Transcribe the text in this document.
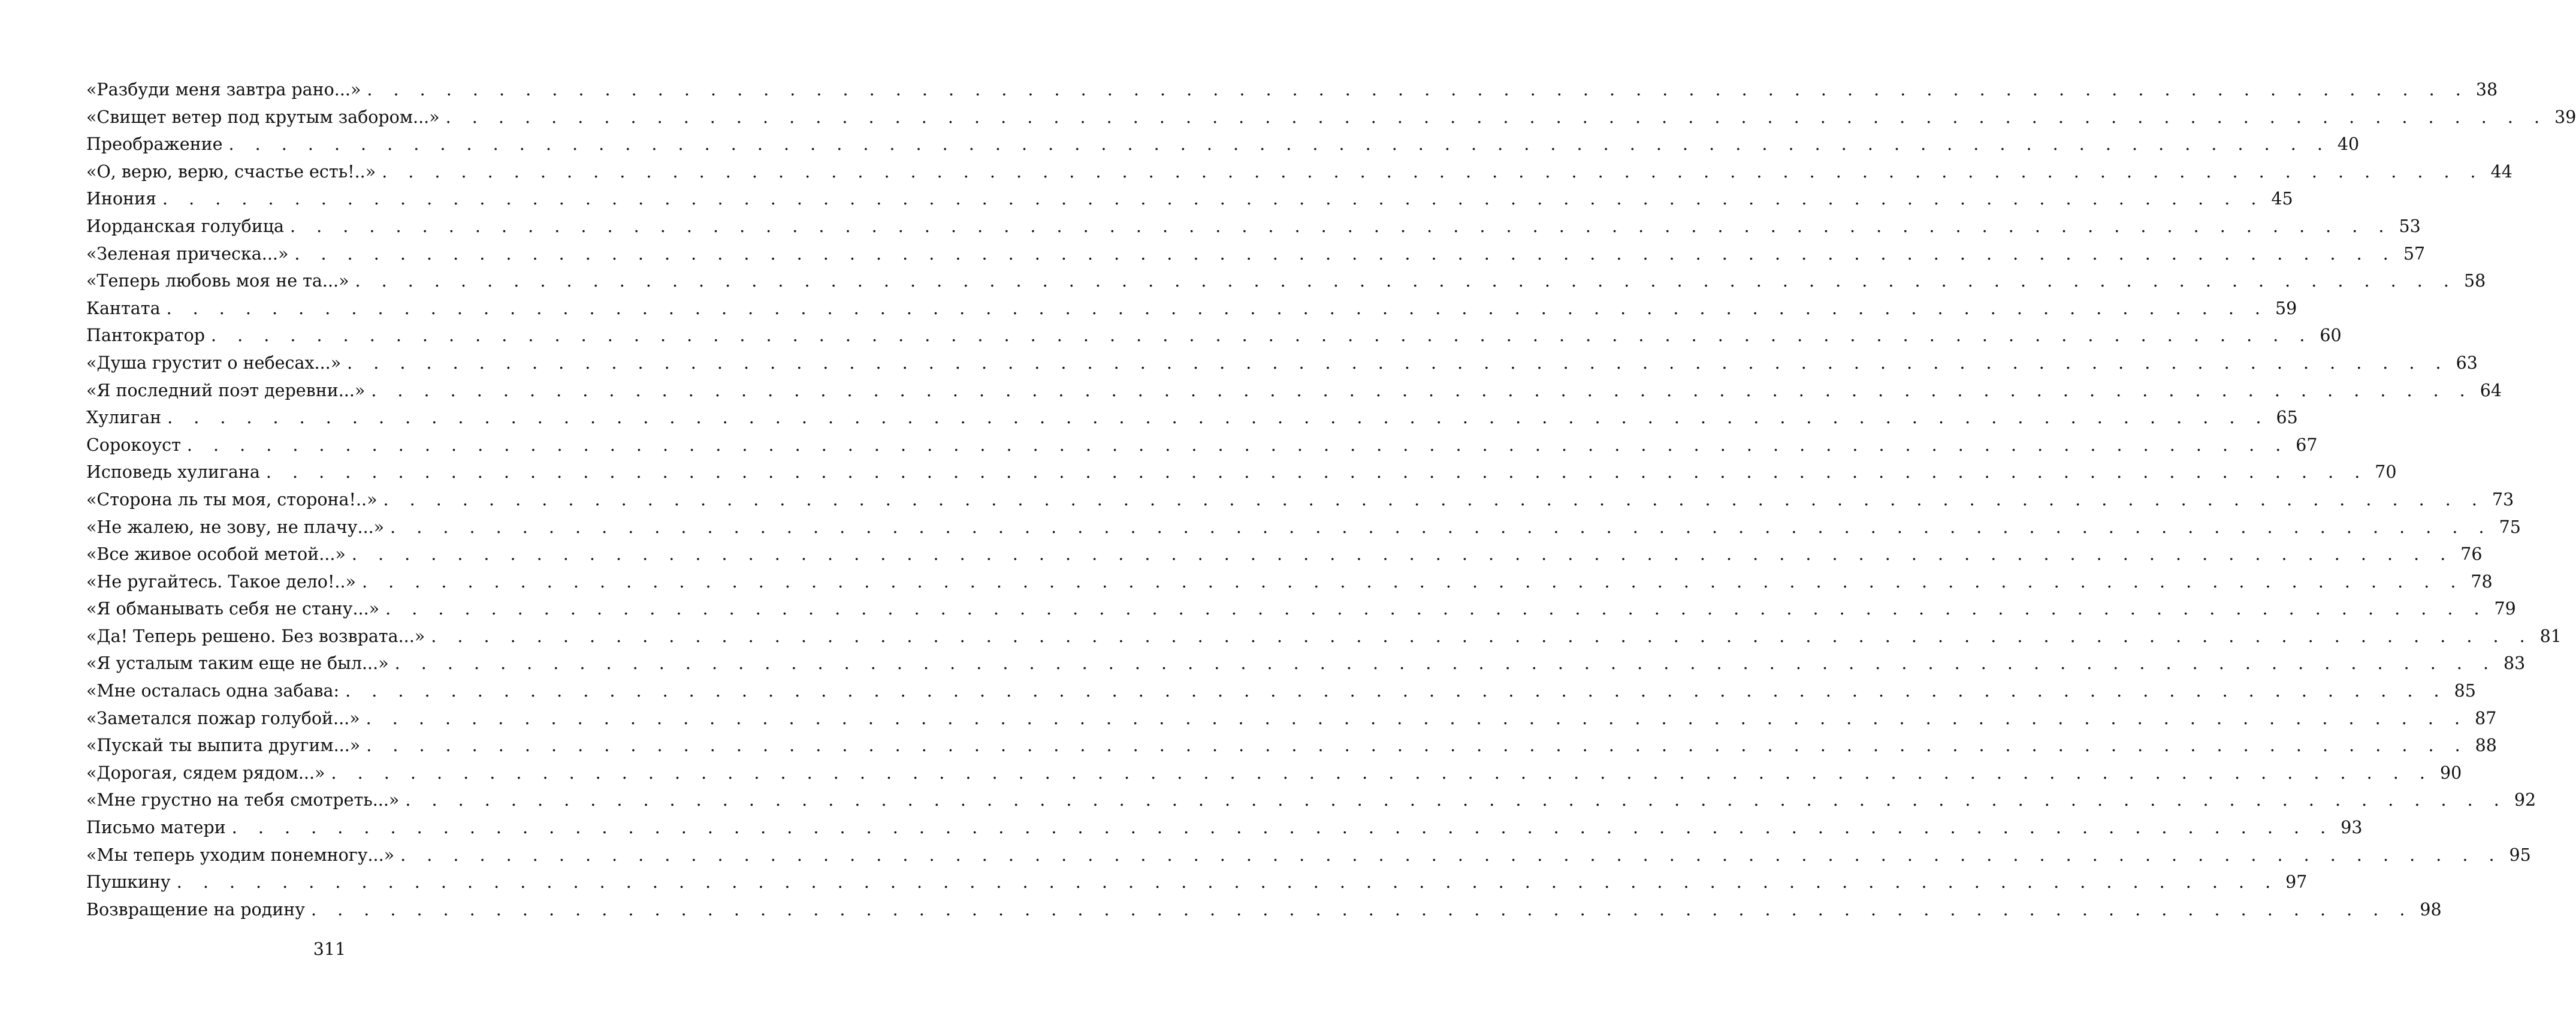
«Разбуди меня завтра рано...» . . . . . . . . . . . . . . . . . . . . . . . . . . . . . . . . . . . . . . . . . . . . . . . . . . . . . . . . . . . . . . . . . . . . . . . . . . . . . . . . 38
«Свищет ветер под крутым забором...» . . . . . . . . . . . . . . . . . . . . . . . . . . . . . . . . . . . . . . . . . . . . . . . . . . . . . . . . . . . . . . . . . . . . . . . . . . . . . . . . 39
Преображение . . . . . . . . . . . . . . . . . . . . . . . . . . . . . . . . . . . . . . . . . . . . . . . . . . . . . . . . . . . . . . . . . . . . . . . . . . . . . . . . 40
«О, верю, верю, счастье есть!..» . . . . . . . . . . . . . . . . . . . . . . . . . . . . . . . . . . . . . . . . . . . . . . . . . . . . . . . . . . . . . . . . . . . . . . . . . . . . . . . . 44
Инония . . . . . . . . . . . . . . . . . . . . . . . . . . . . . . . . . . . . . . . . . . . . . . . . . . . . . . . . . . . . . . . . . . . . . . . . . . . . . . . . 45
Иорданская голубица . . . . . . . . . . . . . . . . . . . . . . . . . . . . . . . . . . . . . . . . . . . . . . . . . . . . . . . . . . . . . . . . . . . . . . . . . . . . . . . . 53
«Зеленая прическа...» . . . . . . . . . . . . . . . . . . . . . . . . . . . . . . . . . . . . . . . . . . . . . . . . . . . . . . . . . . . . . . . . . . . . . . . . . . . . . . . . 57
«Теперь любовь моя не та...» . . . . . . . . . . . . . . . . . . . . . . . . . . . . . . . . . . . . . . . . . . . . . . . . . . . . . . . . . . . . . . . . . . . . . . . . . . . . . . . . 58
Кантата . . . . . . . . . . . . . . . . . . . . . . . . . . . . . . . . . . . . . . . . . . . . . . . . . . . . . . . . . . . . . . . . . . . . . . . . . . . . . . . . 59
Пантократор . . . . . . . . . . . . . . . . . . . . . . . . . . . . . . . . . . . . . . . . . . . . . . . . . . . . . . . . . . . . . . . . . . . . . . . . . . . . . . . . 60
«Душа грустит о небесах...» . . . . . . . . . . . . . . . . . . . . . . . . . . . . . . . . . . . . . . . . . . . . . . . . . . . . . . . . . . . . . . . . . . . . . . . . . . . . . . . . 63
«Я последний поэт деревни...» . . . . . . . . . . . . . . . . . . . . . . . . . . . . . . . . . . . . . . . . . . . . . . . . . . . . . . . . . . . . . . . . . . . . . . . . . . . . . . . . 64
Хулиган . . . . . . . . . . . . . . . . . . . . . . . . . . . . . . . . . . . . . . . . . . . . . . . . . . . . . . . . . . . . . . . . . . . . . . . . . . . . . . . . 65
Сорокоуст . . . . . . . . . . . . . . . . . . . . . . . . . . . . . . . . . . . . . . . . . . . . . . . . . . . . . . . . . . . . . . . . . . . . . . . . . . . . . . . . 67
Исповедь хулигана . . . . . . . . . . . . . . . . . . . . . . . . . . . . . . . . . . . . . . . . . . . . . . . . . . . . . . . . . . . . . . . . . . . . . . . . . . . . . . . . 70
«Сторона ль ты моя, сторона!..» . . . . . . . . . . . . . . . . . . . . . . . . . . . . . . . . . . . . . . . . . . . . . . . . . . . . . . . . . . . . . . . . . . . . . . . . . . . . . . . . 73
«Не жалею, не зову, не плачу...» . . . . . . . . . . . . . . . . . . . . . . . . . . . . . . . . . . . . . . . . . . . . . . . . . . . . . . . . . . . . . . . . . . . . . . . . . . . . . . . . 75
«Все живое особой метой...» . . . . . . . . . . . . . . . . . . . . . . . . . . . . . . . . . . . . . . . . . . . . . . . . . . . . . . . . . . . . . . . . . . . . . . . . . . . . . . . . 76
«Не ругайтесь. Такое дело!..» . . . . . . . . . . . . . . . . . . . . . . . . . . . . . . . . . . . . . . . . . . . . . . . . . . . . . . . . . . . . . . . . . . . . . . . . . . . . . . . . 78
«Я обманывать себя не стану...» . . . . . . . . . . . . . . . . . . . . . . . . . . . . . . . . . . . . . . . . . . . . . . . . . . . . . . . . . . . . . . . . . . . . . . . . . . . . . . . . 79
«Да! Теперь решено. Без возврата...» . . . . . . . . . . . . . . . . . . . . . . . . . . . . . . . . . . . . . . . . . . . . . . . . . . . . . . . . . . . . . . . . . . . . . . . . . . . . . . . . 81
«Я усталым таким еще не был...» . . . . . . . . . . . . . . . . . . . . . . . . . . . . . . . . . . . . . . . . . . . . . . . . . . . . . . . . . . . . . . . . . . . . . . . . . . . . . . . . 83
«Мне осталась одна забава: . . . . . . . . . . . . . . . . . . . . . . . . . . . . . . . . . . . . . . . . . . . . . . . . . . . . . . . . . . . . . . . . . . . . . . . . . . . . . . . . 85
«Заметался пожар голубой...» . . . . . . . . . . . . . . . . . . . . . . . . . . . . . . . . . . . . . . . . . . . . . . . . . . . . . . . . . . . . . . . . . . . . . . . . . . . . . . . . 87
«Пускай ты выпита другим...» . . . . . . . . . . . . . . . . . . . . . . . . . . . . . . . . . . . . . . . . . . . . . . . . . . . . . . . . . . . . . . . . . . . . . . . . . . . . . . . . 88
«Дорогая, сядем рядом...» . . . . . . . . . . . . . . . . . . . . . . . . . . . . . . . . . . . . . . . . . . . . . . . . . . . . . . . . . . . . . . . . . . . . . . . . . . . . . . . . 90
«Мне грустно на тебя смотреть...» . . . . . . . . . . . . . . . . . . . . . . . . . . . . . . . . . . . . . . . . . . . . . . . . . . . . . . . . . . . . . . . . . . . . . . . . . . . . . . . . 92
Письмо матери . . . . . . . . . . . . . . . . . . . . . . . . . . . . . . . . . . . . . . . . . . . . . . . . . . . . . . . . . . . . . . . . . . . . . . . . . . . . . . . . 93
«Мы теперь уходим понемногу...» . . . . . . . . . . . . . . . . . . . . . . . . . . . . . . . . . . . . . . . . . . . . . . . . . . . . . . . . . . . . . . . . . . . . . . . . . . . . . . . . 95
Пушкину . . . . . . . . . . . . . . . . . . . . . . . . . . . . . . . . . . . . . . . . . . . . . . . . . . . . . . . . . . . . . . . . . . . . . . . . . . . . . . . . 97
Возвращение на родину . . . . . . . . . . . . . . . . . . . . . . . . . . . . . . . . . . . . . . . . . . . . . . . . . . . . . . . . . . . . . . . . . . . . . . . . . . . . . . . . 98
311
